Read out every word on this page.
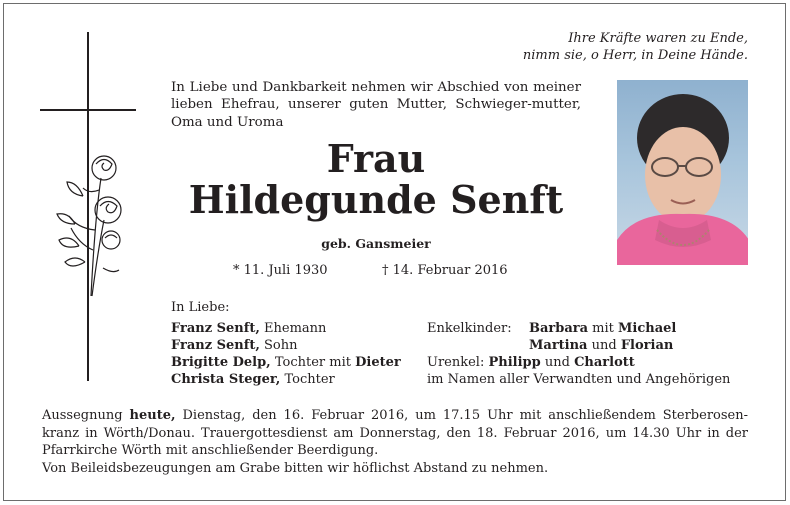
Ihre Kräfte waren zu Ende,
nimm sie, o Herr, in Deine Hände.
In Liebe und Dankbarkeit nehmen wir Abschied von meiner lieben Ehefrau, unserer guten Mutter, Schwieger-mutter, Oma und Uroma
Frau
Hildegunde Senft
geb. Gansmeier
* 11. Juli 1930	† 14. Februar 2016
In Liebe:
Franz Senft, Ehemann
Franz Senft, Sohn
Brigitte Delp, Tochter mit Dieter
Christa Steger, Tochter
Enkelkinder: Barbara mit Michael
Martina und Florian
Urenkel: Philipp und Charlott
im Namen aller Verwandten und Angehörigen

Aussegnung heute, Dienstag, den 16. Februar 2016, um 17.15 Uhr mit anschließendem Sterberosen-kranz in Wörth/Donau. Trauergottesdienst am Donnerstag, den 18. Februar 2016, um 14.30 Uhr in der Pfarrkirche Wörth mit anschließender Beerdigung.

Von Beileidsbezeugungen am Grabe bitten wir höflichst Abstand zu nehmen.
